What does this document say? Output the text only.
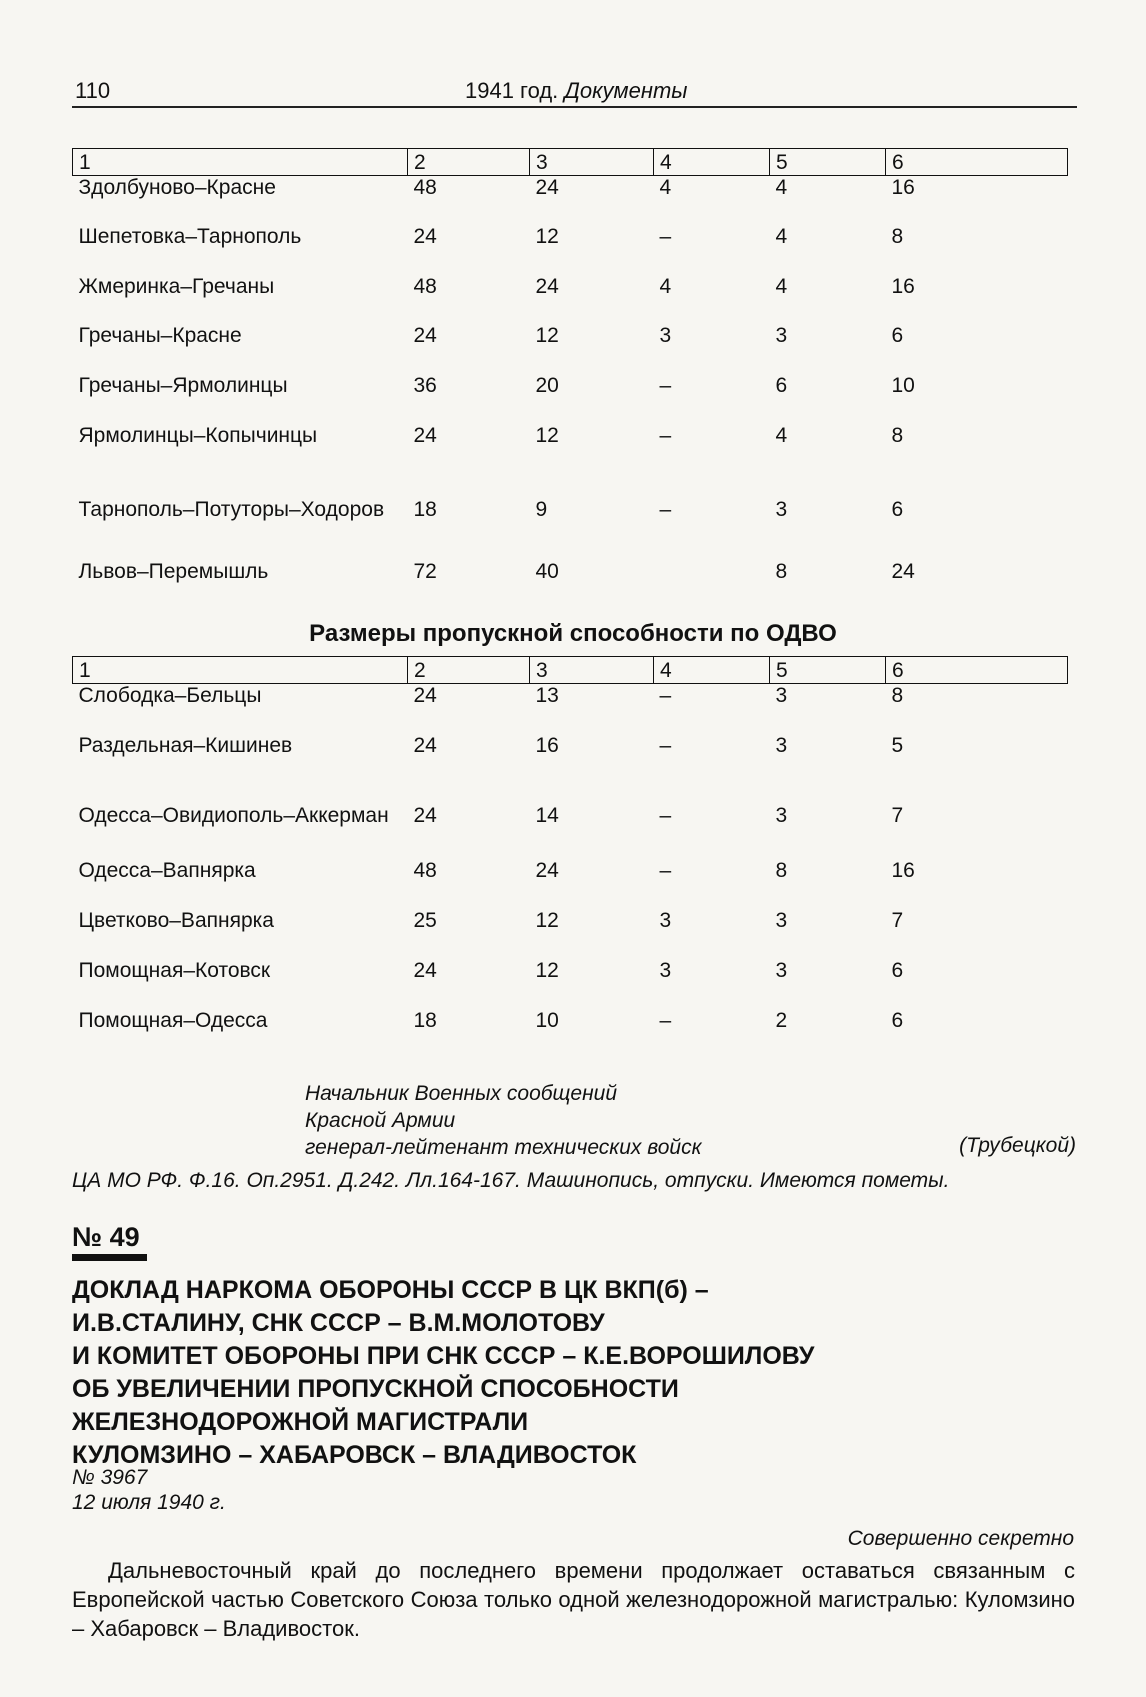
110	1941 год. Документы
1	2	3	4	5	6
Здолбуново–Красне	48	24	4	4	16
Шепетовка–Тарнополь	24	12	–	4	8
Жмеринка–Гречаны	48	24	4	4	16
Гречаны–Красне	24	12	3	3	6
Гречаны–Ярмолинцы	36	20	–	6	10
Ярмолинцы–Копычинцы	24	12	–	4	8
Тарнополь–Потуторы–Ходоров	18	9	–	3	6
Львов–Перемышль	72	40		8	24
Размеры пропускной способности по ОДВО
1	2	3	4	5	6
Слободка–Бельцы	24	13	–	3	8
Раздельная–Кишинев	24	16	–	3	5
Одесса–Овидиополь–Аккерман	24	14	–	3	7
Одесса–Вапнярка	48	24	–	8	16
Цветково–Вапнярка	25	12	3	3	7
Помощная–Котовск	24	12	3	3	6
Помощная–Одесса	18	10	–	2	6
Начальник Военных сообщений
Красной Армии
генерал-лейтенант технических войск	(Трубецкой)
ЦА МО РФ. Ф.16. Оп.2951. Д.242. Лл.164-167. Машинопись, отпуски. Имеются пометы.
№ 49
ДОКЛАД НАРКОМА ОБОРОНЫ СССР В ЦК ВКП(б) –
И.В.СТАЛИНУ, СНК СССР – В.М.МОЛОТОВУ
И КОМИТЕТ ОБОРОНЫ ПРИ СНК СССР – К.Е.ВОРОШИЛОВУ
ОБ УВЕЛИЧЕНИИ ПРОПУСКНОЙ СПОСОБНОСТИ
ЖЕЛЕЗНОДОРОЖНОЙ МАГИСТРАЛИ
КУЛОМЗИНО – ХАБАРОВСК – ВЛАДИВОСТОК
№ 3967
12 июля 1940 г.
Совершенно секретно
Дальневосточный край до последнего времени продолжает оставаться связанным с Европейской частью Советского Союза только одной железнодорожной магистралью: Куломзино – Хабаровск – Владивосток.
